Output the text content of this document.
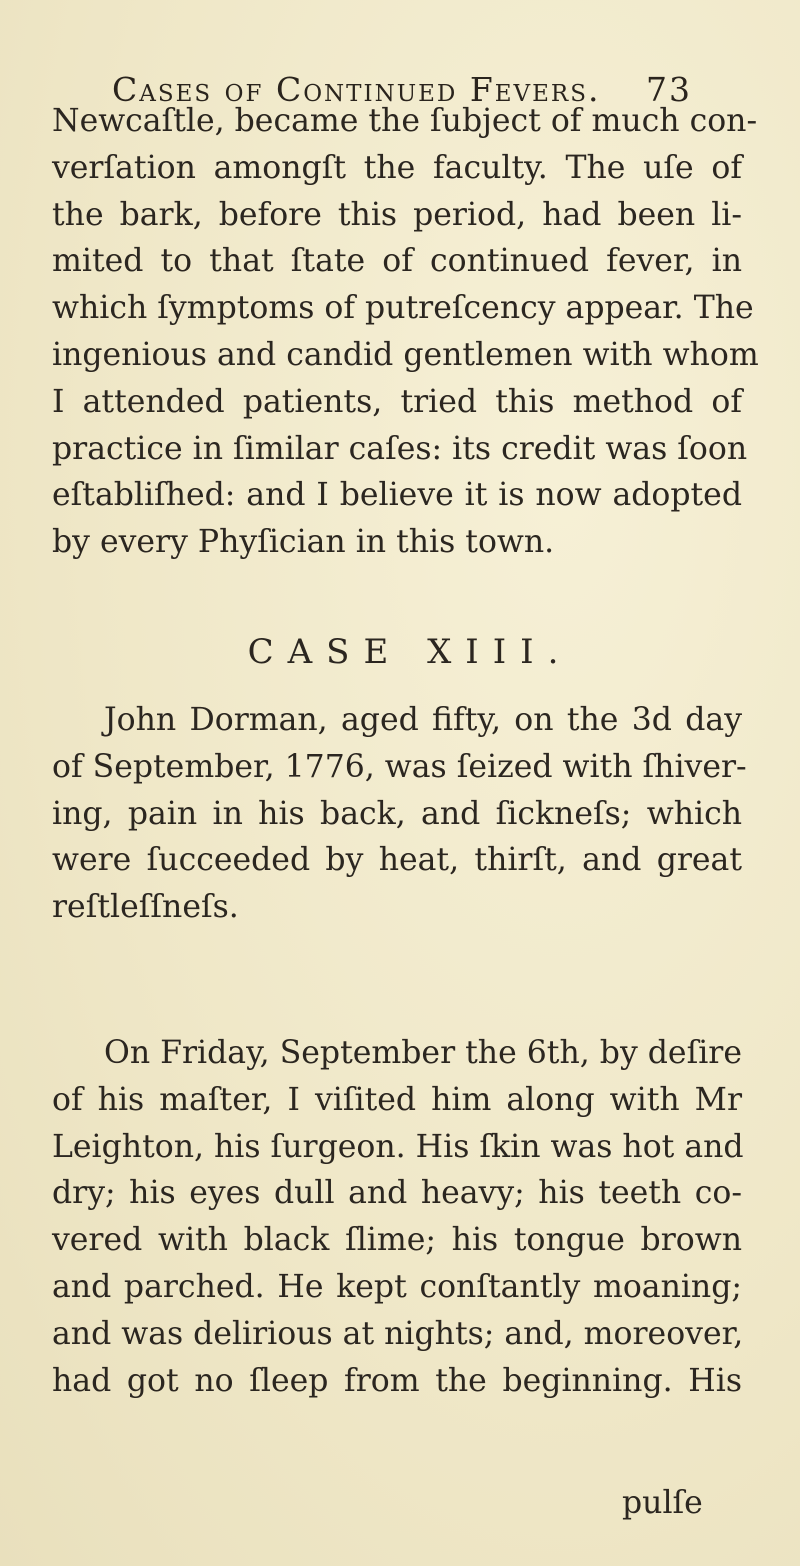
Cases of Continued Fevers. 73
Newcaſtle, became the ſubject of much con-
verſation amongſt the faculty. The uſe of
the bark, before this period, had been li-
mited to that ſtate of continued fever, in
which ſymptoms of putreſcency appear. The
ingenious and candid gentlemen with whom
I attended patients, tried this method of
practice in ſimilar caſes: its credit was ſoon
eſtabliſhed: and I believe it is now adopted
by every Phyſician in this town.
CASE XIII.
John Dorman, aged fifty, on the 3d day
of September, 1776, was ſeized with ſhiver-
ing, pain in his back, and ſickneſs; which
were ſucceeded by heat, thirſt, and great
reſtleſſneſs.
On Friday, September the 6th, by deſire
of his maſter, I viſited him along with Mr
Leighton, his ſurgeon. His ſkin was hot and
dry; his eyes dull and heavy; his teeth co-
vered with black ſlime; his tongue brown
and parched. He kept conſtantly moaning;
and was delirious at nights; and, moreover,
had got no ſleep from the beginning. His
pulſe
